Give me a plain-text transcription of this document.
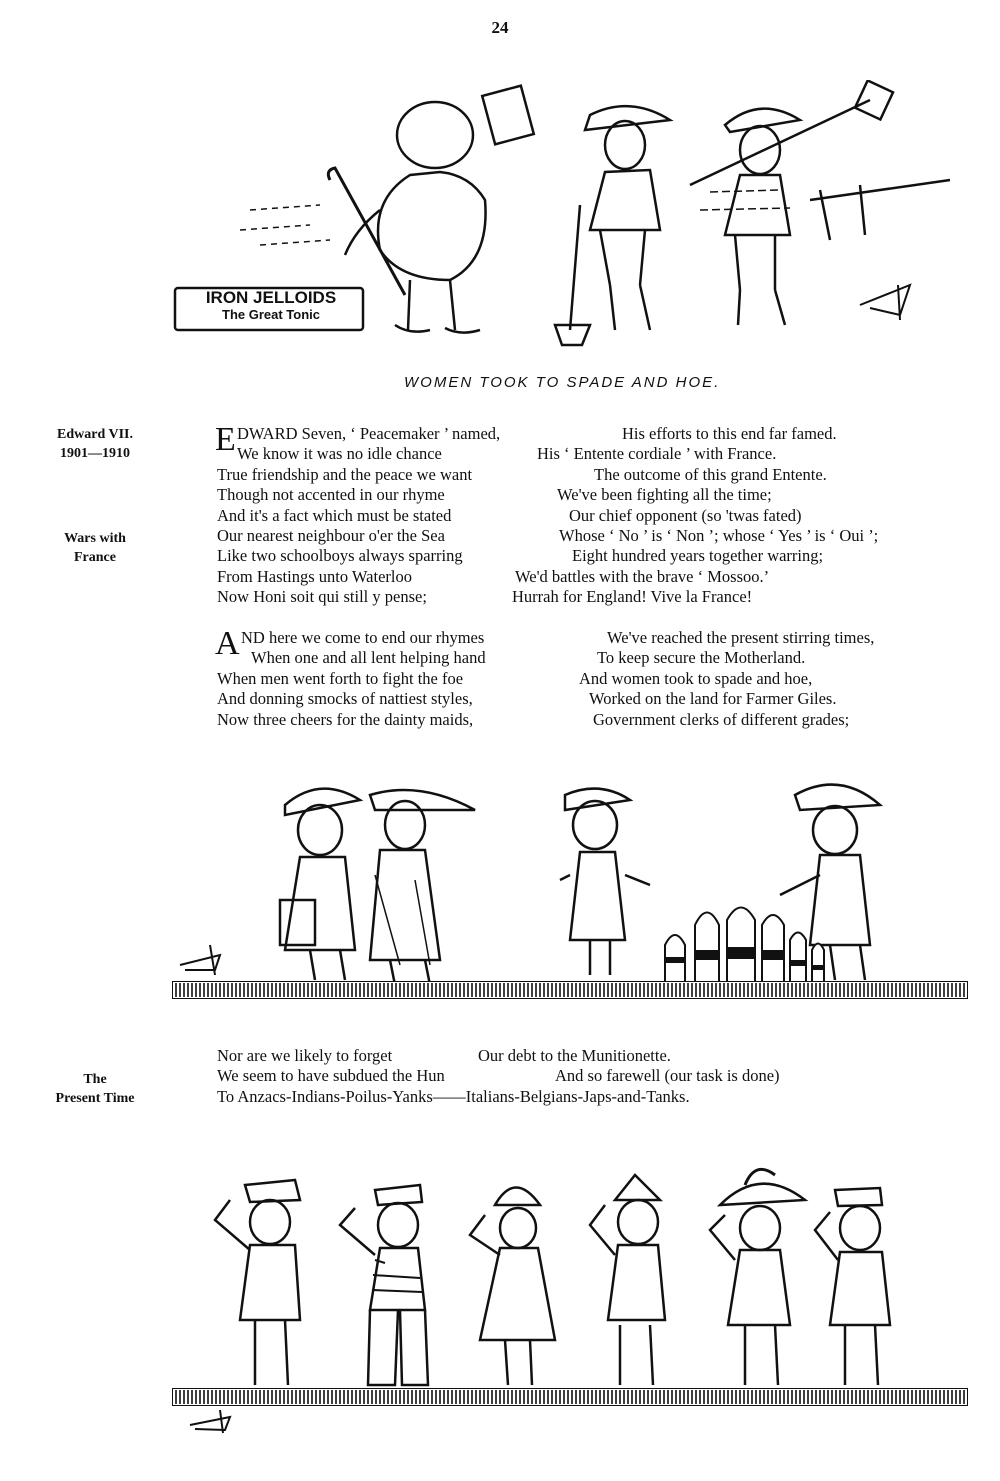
24
IRON JELLOIDS
The Great Tonic
WOMEN TOOK TO SPADE AND HOE.
Edward VII.
1901—1910
Wars with
France
The
Present Time
E DWARD Seven, ‘ Peacemaker ’ named,	His efforts to this end far famed.
We know it was no idle chance	His ‘ Entente cordiale ’ with France.
True friendship and the peace we want	The outcome of this grand Entente.
Though not accented in our rhyme	We've been fighting all the time;
And it's a fact which must be stated	Our chief opponent (so 'twas fated)
Our nearest neighbour o'er the Sea	Whose ‘ No ’ is ‘ Non ’; whose ‘ Yes ’ is ‘ Oui ’;
Like two schoolboys always sparring	Eight hundred years together warring;
From Hastings unto Waterloo	We'd battles with the brave ‘ Mossoo.’
Now Honi soit qui still y pense;	Hurrah for England! Vive la France!
A ND here we come to end our rhymes	We've reached the present stirring times,
When one and all lent helping hand	To keep secure the Motherland.
When men went forth to fight the foe	And women took to spade and hoe,
And donning smocks of nattiest styles,	Worked on the land for Farmer Giles.
Now three cheers for the dainty maids,	Government clerks of different grades;
Nor are we likely to forget	Our debt to the Munitionette.
We seem to have subdued the Hun	And so farewell (our task is done)
To Anzacs-Indians-Poilus-Yanks——Italians-Belgians-Japs-and-Tanks.
